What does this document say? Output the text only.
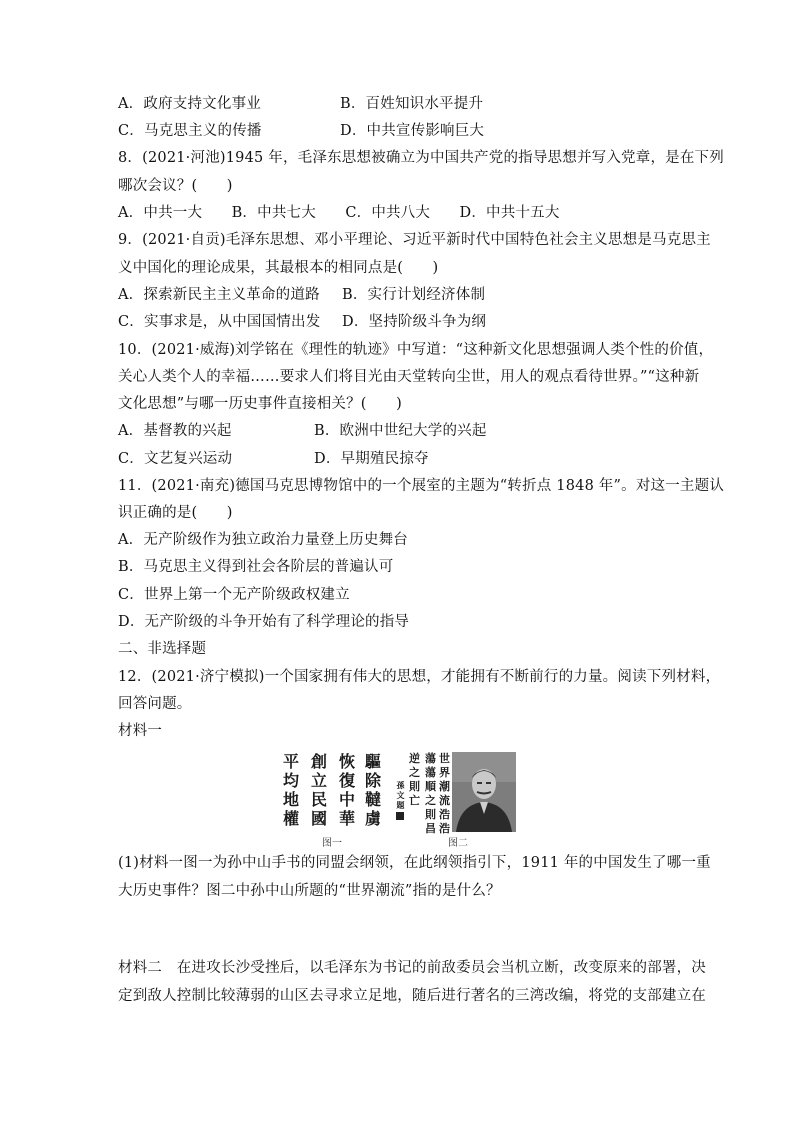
A．政府支持文化事业	B．百姓知识水平提升
C．马克思主义的传播	D．中共宣传影响巨大
8．(2021·河池)1945 年，毛泽东思想被确立为中国共产党的指导思想并写入党章，是在下列
哪次会议？(　　)
A．中共一大　　B．中共七大　　C．中共八大　　D．中共十五大
9．(2021·自贡)毛泽东思想、邓小平理论、习近平新时代中国特色社会主义思想是马克思主
义中国化的理论成果，其最根本的相同点是(　　)
A．探索新民主主义革命的道路 B．实行计划经济体制
C．实事求是，从中国国情出发 D．坚持阶级斗争为纲
10．(2021·威海)刘学铭在《理性的轨迹》中写道：“这种新文化思想强调人类个性的价值，
关心人类个人的幸福……要求人们将目光由天堂转向尘世，用人的观点看待世界。”“这种新
文化思想”与哪一历史事件直接相关？(　　)
A．基督教的兴起	B．欧洲中世纪大学的兴起
C．文艺复兴运动	D．早期殖民掠夺
11．(2021·南充)德国马克思博物馆中的一个展室的主题为“转折点 1848 年”。对这一主题认
识正确的是(　　)
A．无产阶级作为独立政治力量登上历史舞台
B．马克思主义得到社会各阶层的普遍认可
C．世界上第一个无产阶级政权建立
D．无产阶级的斗争开始有了科学理论的指导
二、非选择题
12．(2021·济宁模拟)一个国家拥有伟大的思想，才能拥有不断前行的力量。阅读下列材料，
回答问题。
材料一
驅除韃虜
恢復中華
創立民國
平均地權
图一
世界潮流浩浩
蕩蕩順之則昌
逆之則亡
孫文題
图二
(1)材料一图一为孙中山手书的同盟会纲领，在此纲领指引下，1911 年的中国发生了哪一重
大历史事件？图二中孙中山所题的“世界潮流”指的是什么？
材料二　在进攻长沙受挫后，以毛泽东为书记的前敌委员会当机立断，改变原来的部署，决
定到敌人控制比较薄弱的山区去寻求立足地，随后进行著名的三湾改编，将党的支部建立在
